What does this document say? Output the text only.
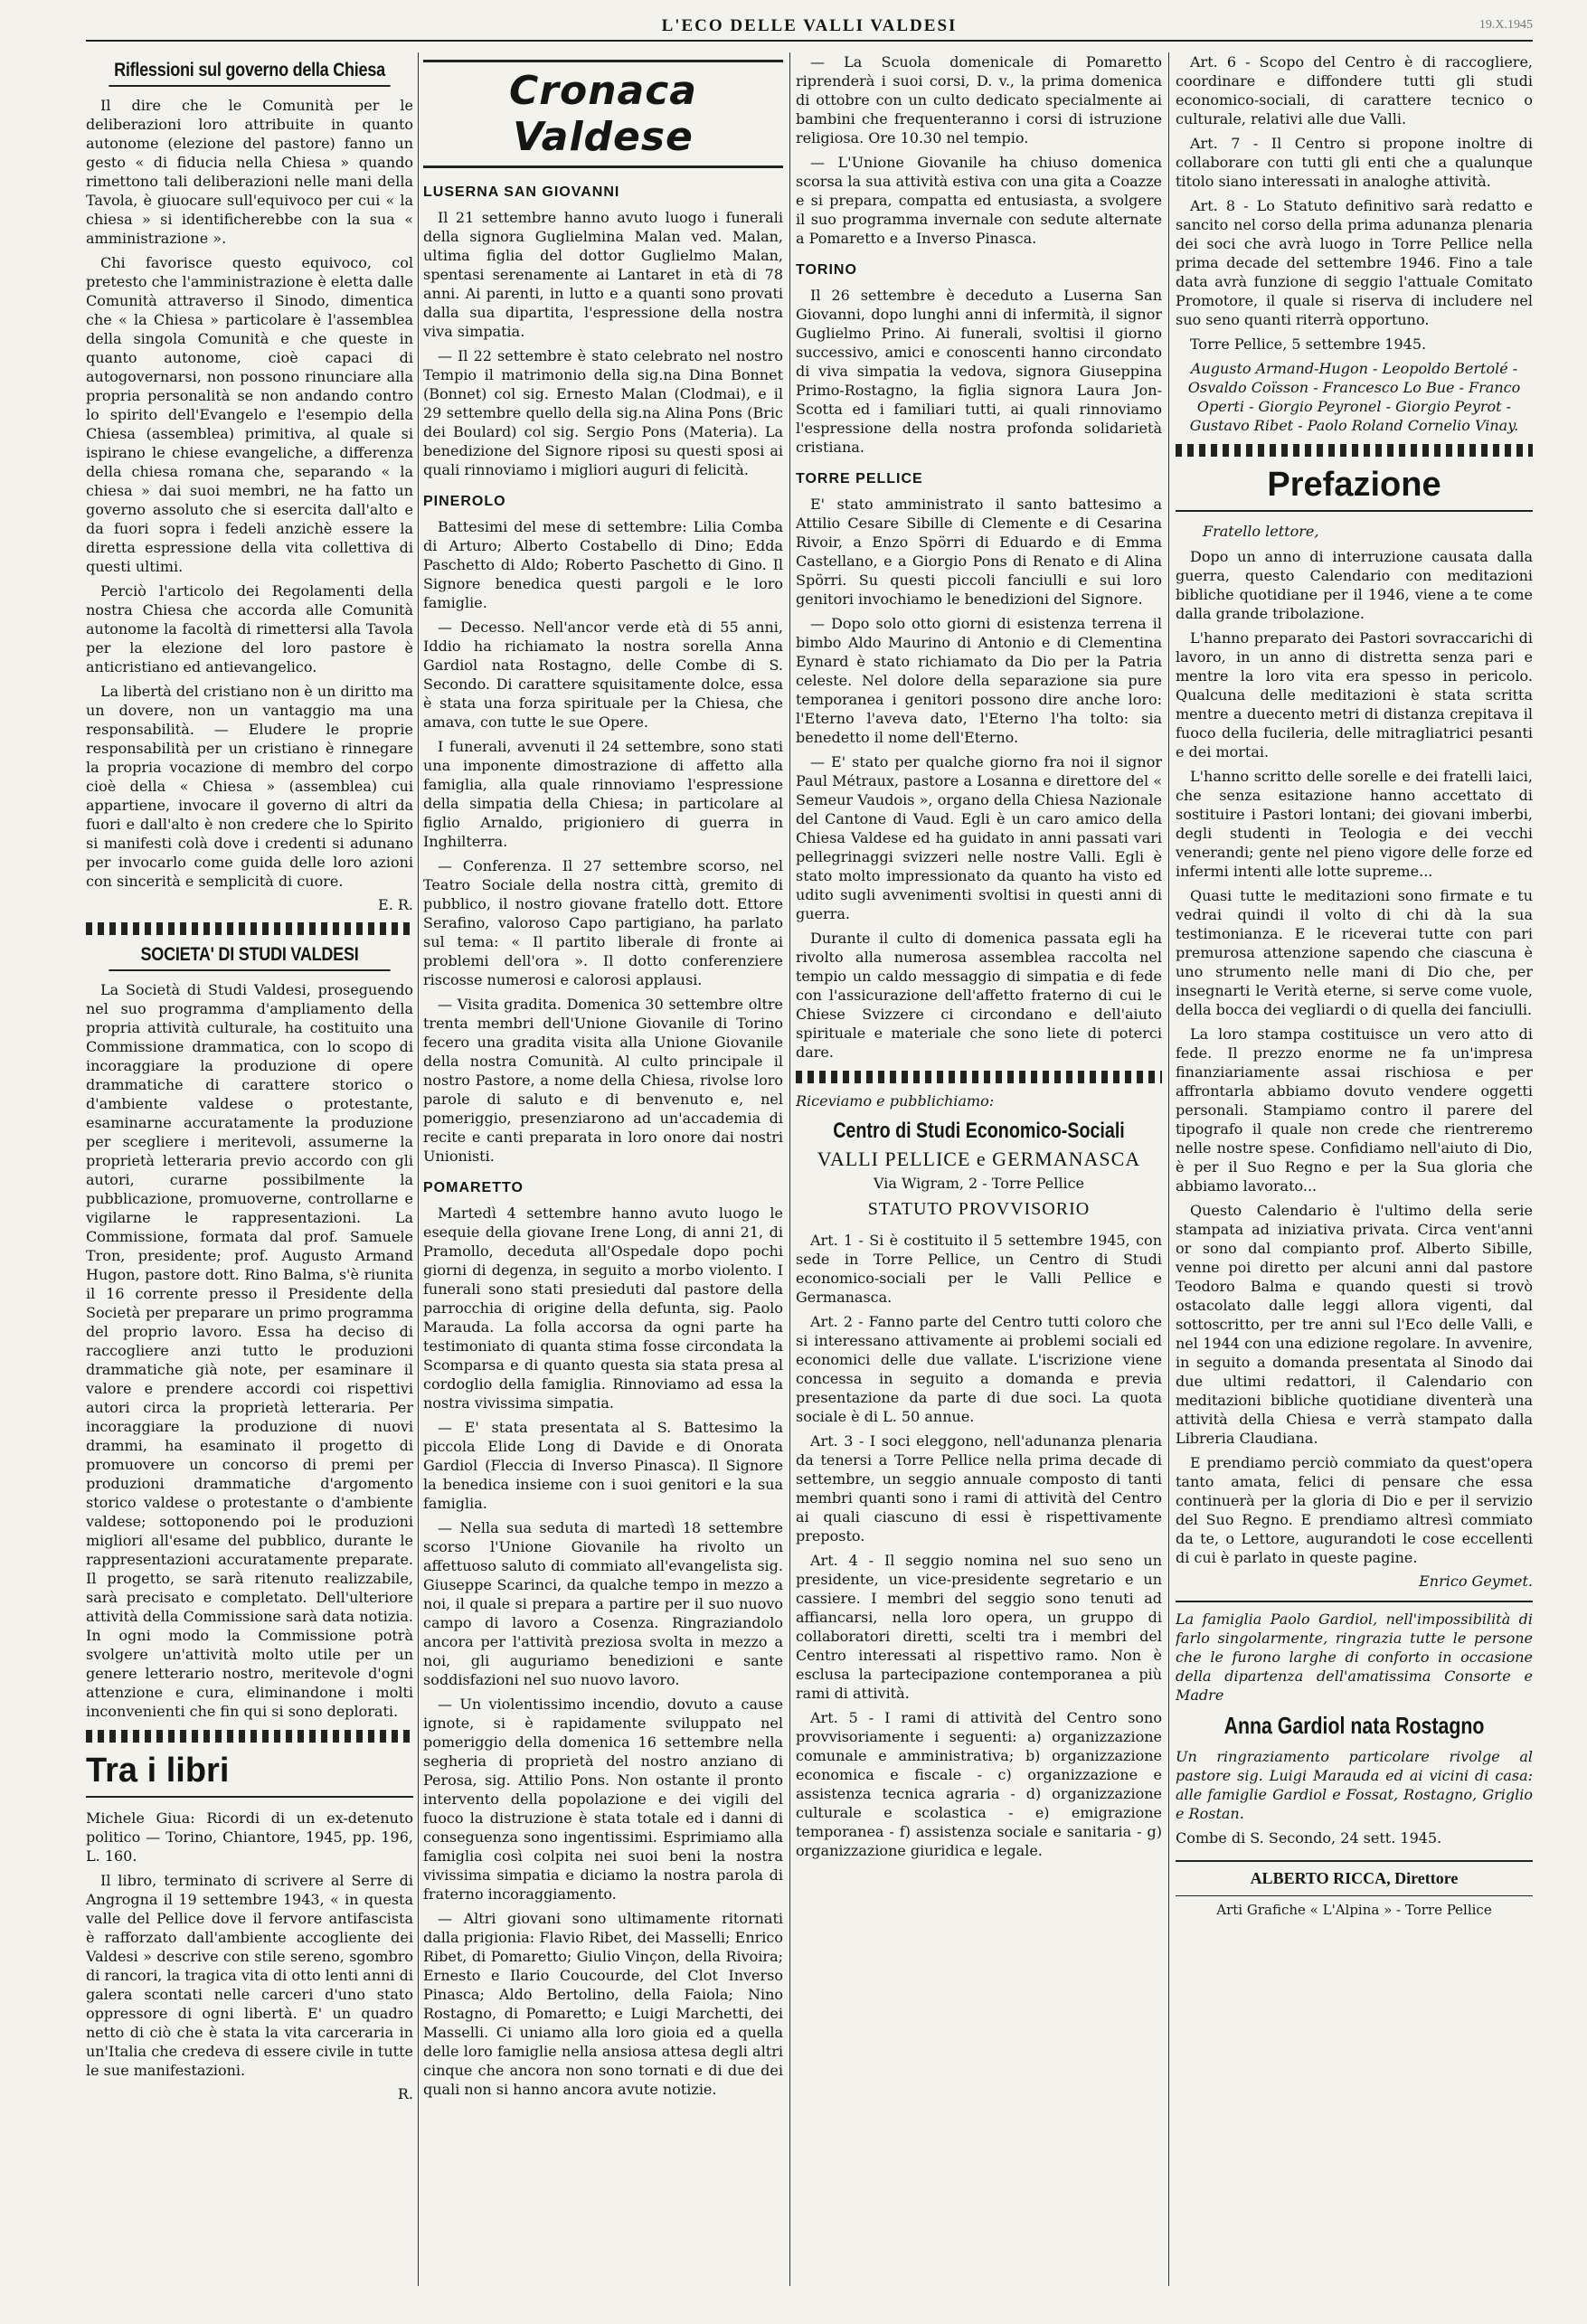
L'ECO DELLE VALLI VALDESI	19.X.1945
Riflessioni sul governo della Chiesa

Il dire che le Comunità per le deliberazioni loro attribuite in quanto autonome (elezione del pastore) fanno un gesto « di fiducia nella Chiesa » quando rimettono tali deliberazioni nelle mani della Tavola, è giuocare sull'equivoco per cui « la chiesa » si identificherebbe con la sua « amministrazione ».

Chi favorisce questo equivoco, col pretesto che l'amministrazione è eletta dalle Comunità attraverso il Sinodo, dimentica che « la Chiesa » particolare è l'assemblea della singola Comunità e che queste in quanto autonome, cioè capaci di autogovernarsi, non possono rinunciare alla propria personalità se non andando contro lo spirito dell'Evangelo e l'esempio della Chiesa (assemblea) primitiva, al quale si ispirano le chiese evangeliche, a differenza della chiesa romana che, separando « la chiesa » dai suoi membri, ne ha fatto un governo assoluto che si esercita dall'alto e da fuori sopra i fedeli anzichè essere la diretta espressione della vita collettiva di questi ultimi.

Perciò l'articolo dei Regolamenti della nostra Chiesa che accorda alle Comunità autonome la facoltà di rimettersi alla Tavola per la elezione del loro pastore è anticristiano ed antievangelico.

La libertà del cristiano non è un diritto ma un dovere, non un vantaggio ma una responsabilità. — Eludere le proprie responsabilità per un cristiano è rinnegare la propria vocazione di membro del corpo cioè della « Chiesa » (assemblea) cui appartiene, invocare il governo di altri da fuori e dall'alto è non credere che lo Spirito si manifesti colà dove i credenti si adunano per invocarlo come guida delle loro azioni con sincerità e semplicità di cuore.

E. R.
SOCIETA' DI STUDI VALDESI

La Società di Studi Valdesi, proseguendo nel suo programma d'ampliamento della propria attività culturale, ha costituito una Commissione drammatica, con lo scopo di incoraggiare la produzione di opere drammatiche di carattere storico o d'ambiente valdese o protestante, esaminarne accuratamente la produzione per scegliere i meritevoli, assumerne la proprietà letteraria previo accordo con gli autori, curarne possibilmente la pubblicazione, promuoverne, controllarne e vigilarne le rappresentazioni. La Commissione, formata dal prof. Samuele Tron, presidente; prof. Augusto Armand Hugon, pastore dott. Rino Balma, s'è riunita il 16 corrente presso il Presidente della Società per preparare un primo programma del proprio lavoro. Essa ha deciso di raccogliere anzi tutto le produzioni drammatiche già note, per esaminare il valore e prendere accordi coi rispettivi autori circa la proprietà letteraria. Per incoraggiare la produzione di nuovi drammi, ha esaminato il progetto di promuovere un concorso di premi per produzioni drammatiche d'argomento storico valdese o protestante o d'ambiente valdese; sottoponendo poi le produzioni migliori all'esame del pubblico, durante le rappresentazioni accuratamente preparate. Il progetto, se sarà ritenuto realizzabile, sarà precisato e completato. Dell'ulteriore attività della Commissione sarà data notizia. In ogni modo la Commissione potrà svolgere un'attività molto utile per un genere letterario nostro, meritevole d'ogni attenzione e cura, eliminandone i molti inconvenienti che fin qui si sono deplorati.

Tra i libri

Michele Giua: Ricordi di un ex-detenuto politico — Torino, Chiantore, 1945, pp. 196, L. 160.

Il libro, terminato di scrivere al Serre di Angrogna il 19 settembre 1943, « in questa valle del Pellice dove il fervore antifascista è rafforzato dall'ambiente accogliente dei Valdesi » descrive con stile sereno, sgombro di rancori, la tragica vita di otto lenti anni di galera scontati nelle carceri d'uno stato oppressore di ogni libertà. E' un quadro netto di ciò che è stata la vita carceraria in un'Italia che credeva di essere civile in tutte le sue manifestazioni.

R.
Cronaca Valdese
LUSERNA SAN GIOVANNI

Il 21 settembre hanno avuto luogo i funerali della signora Guglielmina Malan ved. Malan, ultima figlia del dottor Guglielmo Malan, spentasi serenamente ai Lantaret in età di 78 anni. Ai parenti, in lutto e a quanti sono provati dalla sua dipartita, l'espressione della nostra viva simpatia.

— Il 22 settembre è stato celebrato nel nostro Tempio il matrimonio della sig.na Dina Bonnet (Bonnet) col sig. Ernesto Malan (Clodmai), e il 29 settembre quello della sig.na Alina Pons (Bric dei Boulard) col sig. Sergio Pons (Materia). La benedizione del Signore riposi su questi sposi ai quali rinnoviamo i migliori auguri di felicità.

PINEROLO

Battesimi del mese di settembre: Lilia Comba di Arturo; Alberto Costabello di Dino; Edda Paschetto di Aldo; Roberto Paschetto di Gino. Il Signore benedica questi pargoli e le loro famiglie.

— Decesso. Nell'ancor verde età di 55 anni, Iddio ha richiamato la nostra sorella Anna Gardiol nata Rostagno, delle Combe di S. Secondo. Di carattere squisitamente dolce, essa è stata una forza spirituale per la Chiesa, che amava, con tutte le sue Opere.

I funerali, avvenuti il 24 settembre, sono stati una imponente dimostrazione di affetto alla famiglia, alla quale rinnoviamo l'espressione della simpatia della Chiesa; in particolare al figlio Arnaldo, prigioniero di guerra in Inghilterra.

— Conferenza. Il 27 settembre scorso, nel Teatro Sociale della nostra città, gremito di pubblico, il nostro giovane fratello dott. Ettore Serafino, valoroso Capo partigiano, ha parlato sul tema: « Il partito liberale di fronte ai problemi dell'ora ». Il dotto conferenziere riscosse numerosi e calorosi applausi.

— Visita gradita. Domenica 30 settembre oltre trenta membri dell'Unione Giovanile di Torino fecero una gradita visita alla Unione Giovanile della nostra Comunità. Al culto principale il nostro Pastore, a nome della Chiesa, rivolse loro parole di saluto e di benvenuto e, nel pomeriggio, presenziarono ad un'accademia di recite e canti preparata in loro onore dai nostri Unionisti.

POMARETTO

Martedì 4 settembre hanno avuto luogo le esequie della giovane Irene Long, di anni 21, di Pramollo, deceduta all'Ospedale dopo pochi giorni di degenza, in seguito a morbo violento. I funerali sono stati presieduti dal pastore della parrocchia di origine della defunta, sig. Paolo Marauda. La folla accorsa da ogni parte ha testimoniato di quanta stima fosse circondata la Scomparsa e di quanto questa sia stata presa al cordoglio della famiglia. Rinnoviamo ad essa la nostra vivissima simpatia.

— E' stata presentata al S. Battesimo la piccola Elide Long di Davide e di Onorata Gardiol (Fleccia di Inverso Pinasca). Il Signore la benedica insieme con i suoi genitori e la sua famiglia.

— Nella sua seduta di martedì 18 settembre scorso l'Unione Giovanile ha rivolto un affettuoso saluto di commiato all'evangelista sig. Giuseppe Scarinci, da qualche tempo in mezzo a noi, il quale si prepara a partire per il suo nuovo campo di lavoro a Cosenza. Ringraziandolo ancora per l'attività preziosa svolta in mezzo a noi, gli auguriamo benedizioni e sante soddisfazioni nel suo nuovo lavoro.

— Un violentissimo incendio, dovuto a cause ignote, si è rapidamente sviluppato nel pomeriggio della domenica 16 settembre nella segheria di proprietà del nostro anziano di Perosa, sig. Attilio Pons. Non ostante il pronto intervento della popolazione e dei vigili del fuoco la distruzione è stata totale ed i danni di conseguenza sono ingentissimi. Esprimiamo alla famiglia così colpita nei suoi beni la nostra vivissima simpatia e diciamo la nostra parola di fraterno incoraggiamento.

— Altri giovani sono ultimamente ritornati dalla prigionia: Flavio Ribet, dei Masselli; Enrico Ribet, di Pomaretto; Giulio Vinçon, della Rivoira; Ernesto e Ilario Coucourde, del Clot Inverso Pinasca; Aldo Bertolino, della Faiola; Nino Rostagno, di Pomaretto; e Luigi Marchetti, dei Masselli. Ci uniamo alla loro gioia ed a quella delle loro famiglie nella ansiosa attesa degli altri cinque che ancora non sono tornati e di due dei quali non si hanno ancora avute notizie.

— La Scuola domenicale di Pomaretto riprenderà i suoi corsi, D. v., la prima domenica di ottobre con un culto dedicato specialmente ai bambini che frequenteranno i corsi di istruzione religiosa. Ore 10.30 nel tempio.

— L'Unione Giovanile ha chiuso domenica scorsa la sua attività estiva con una gita a Coazze e si prepara, compatta ed entusiasta, a svolgere il suo programma invernale con sedute alternate a Pomaretto e a Inverso Pinasca.

TORINO

Il 26 settembre è deceduto a Luserna San Giovanni, dopo lunghi anni di infermità, il signor Guglielmo Prino. Ai funerali, svoltisi il giorno successivo, amici e conoscenti hanno circondato di viva simpatia la vedova, signora Giuseppina Primo-Rostagno, la figlia signora Laura Jon-Scotta ed i familiari tutti, ai quali rinnoviamo l'espressione della nostra profonda solidarietà cristiana.

TORRE PELLICE

E' stato amministrato il santo battesimo a Attilio Cesare Sibille di Clemente e di Cesarina Rivoir, a Enzo Spörri di Eduardo e di Emma Castellano, e a Giorgio Pons di Renato e di Alina Spörri. Su questi piccoli fanciulli e sui loro genitori invochiamo le benedizioni del Signore.

— Dopo solo otto giorni di esistenza terrena il bimbo Aldo Maurino di Antonio e di Clementina Eynard è stato richiamato da Dio per la Patria celeste. Nel dolore della separazione sia pure temporanea i genitori possono dire anche loro: l'Eterno l'aveva dato, l'Eterno l'ha tolto: sia benedetto il nome dell'Eterno.

— E' stato per qualche giorno fra noi il signor Paul Métraux, pastore a Losanna e direttore del « Semeur Vaudois », organo della Chiesa Nazionale del Cantone di Vaud. Egli è un caro amico della Chiesa Valdese ed ha guidato in anni passati vari pellegrinaggi svizzeri nelle nostre Valli. Egli è stato molto impressionato da quanto ha visto ed udito sugli avvenimenti svoltisi in questi anni di guerra.

Durante il culto di domenica passata egli ha rivolto alla numerosa assemblea raccolta nel tempio un caldo messaggio di simpatia e di fede con l'assicurazione dell'affetto fraterno di cui le Chiese Svizzere ci circondano e dell'aiuto spirituale e materiale che sono liete di poterci dare.

Riceviamo e pubblichiamo:
Centro di Studi Economico-Sociali
VALLI PELLICE e GERMANASCA
Via Wigram, 2 - Torre Pellice
STATUTO PROVVISORIO

Art. 1 - Si è costituito il 5 settembre 1945, con sede in Torre Pellice, un Centro di Studi economico-sociali per le Valli Pellice e Germanasca.

Art. 2 - Fanno parte del Centro tutti coloro che si interessano attivamente ai problemi sociali ed economici delle due vallate. L'iscrizione viene concessa in seguito a domanda e previa presentazione da parte di due soci. La quota sociale è di L. 50 annue.

Art. 3 - I soci eleggono, nell'adunanza plenaria da tenersi a Torre Pellice nella prima decade di settembre, un seggio annuale composto di tanti membri quanti sono i rami di attività del Centro ai quali ciascuno di essi è rispettivamente preposto.

Art. 4 - Il seggio nomina nel suo seno un presidente, un vice-presidente segretario e un cassiere. I membri del seggio sono tenuti ad affiancarsi, nella loro opera, un gruppo di collaboratori diretti, scelti tra i membri del Centro interessati al rispettivo ramo. Non è esclusa la partecipazione contemporanea a più rami di attività.

Art. 5 - I rami di attività del Centro sono provvisoriamente i seguenti: a) organizzazione comunale e amministrativa; b) organizzazione economica e fiscale - c) organizzazione e assistenza tecnica agraria - d) organizzazione culturale e scolastica - e) emigrazione temporanea - f) assistenza sociale e sanitaria - g) organizzazione giuridica e legale.

Art. 6 - Scopo del Centro è di raccogliere, coordinare e diffondere tutti gli studi economico-sociali, di carattere tecnico o culturale, relativi alle due Valli.

Art. 7 - Il Centro si propone inoltre di collaborare con tutti gli enti che a qualunque titolo siano interessati in analoghe attività.

Art. 8 - Lo Statuto definitivo sarà redatto e sancito nel corso della prima adunanza plenaria dei soci che avrà luogo in Torre Pellice nella prima decade del settembre 1946. Fino a tale data avrà funzione di seggio l'attuale Comitato Promotore, il quale si riserva di includere nel suo seno quanti riterrà opportuno.

Torre Pellice, 5 settembre 1945.

Augusto Armand-Hugon - Leopoldo Bertolé - Osvaldo Coïsson - Francesco Lo Bue - Franco Operti - Giorgio Peyronel - Giorgio Peyrot - Gustavo Ribet - Paolo Roland Cornelio Vinay.
Prefazione
Fratello lettore,

Dopo un anno di interruzione causata dalla guerra, questo Calendario con meditazioni bibliche quotidiane per il 1946, viene a te come dalla grande tribolazione.

L'hanno preparato dei Pastori sovraccarichi di lavoro, in un anno di distretta senza pari e mentre la loro vita era spesso in pericolo. Qualcuna delle meditazioni è stata scritta mentre a duecento metri di distanza crepitava il fuoco della fucileria, delle mitragliatrici pesanti e dei mortai.

L'hanno scritto delle sorelle e dei fratelli laici, che senza esitazione hanno accettato di sostituire i Pastori lontani; dei giovani imberbi, degli studenti in Teologia e dei vecchi venerandi; gente nel pieno vigore delle forze ed infermi intenti alle lotte supreme...

Quasi tutte le meditazioni sono firmate e tu vedrai quindi il volto di chi dà la sua testimonianza. E le riceverai tutte con pari premurosa attenzione sapendo che ciascuna è uno strumento nelle mani di Dio che, per insegnarti le Verità eterne, si serve come vuole, della bocca dei vegliardi o di quella dei fanciulli.

La loro stampa costituisce un vero atto di fede. Il prezzo enorme ne fa un'impresa finanziariamente assai rischiosa e per affrontarla abbiamo dovuto vendere oggetti personali. Stampiamo contro il parere del tipografo il quale non crede che rientreremo nelle nostre spese. Confidiamo nell'aiuto di Dio, è per il Suo Regno e per la Sua gloria che abbiamo lavorato...

Questo Calendario è l'ultimo della serie stampata ad iniziativa privata. Circa vent'anni or sono dal compianto prof. Alberto Sibille, venne poi diretto per alcuni anni dal pastore Teodoro Balma e quando questi si trovò ostacolato dalle leggi allora vigenti, dal sottoscritto, per tre anni sul l'Eco delle Valli, e nel 1944 con una edizione regolare. In avvenire, in seguito a domanda presentata al Sinodo dai due ultimi redattori, il Calendario con meditazioni bibliche quotidiane diventerà una attività della Chiesa e verrà stampato dalla Libreria Claudiana.

E prendiamo perciò commiato da quest'opera tanto amata, felici di pensare che essa continuerà per la gloria di Dio e per il servizio del Suo Regno. E prendiamo altresì commiato da te, o Lettore, augurandoti le cose eccellenti di cui è parlato in queste pagine.

Enrico Geymet.

La famiglia Paolo Gardiol, nell'impossibilità di farlo singolarmente, ringrazia tutte le persone che le furono larghe di conforto in occasione della dipartenza dell'amatissima Consorte e Madre

Anna Gardiol nata Rostagno

Un ringraziamento particolare rivolge al pastore sig. Luigi Marauda ed ai vicini di casa: alle famiglie Gardiol e Fossat, Rostagno, Griglio e Rostan.

Combe di S. Secondo, 24 sett. 1945.

ALBERTO RICCA, Direttore
Arti Grafiche « L'Alpina » - Torre Pellice
